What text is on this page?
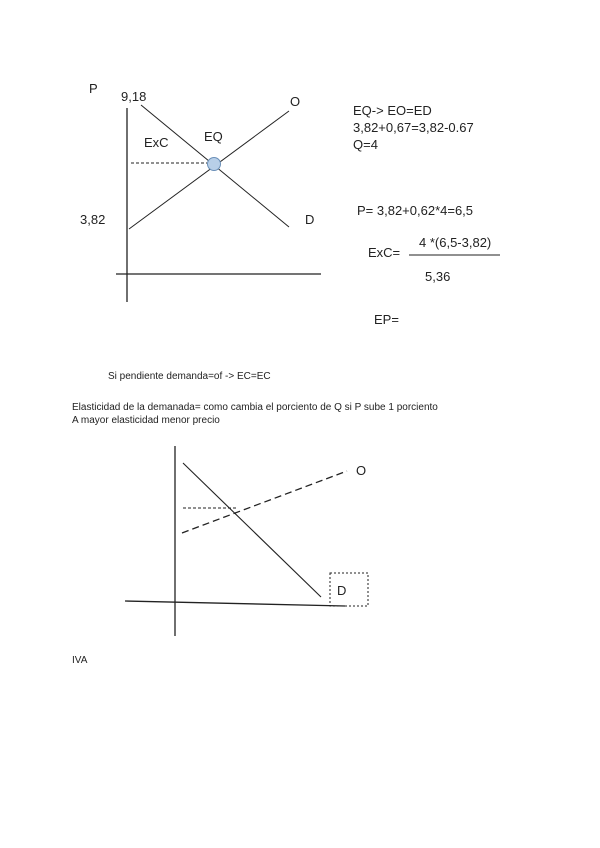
P
9,18
3,82
O
D
ExC	EQ
EQ-> EO=ED
3,82+0,67=3,82-0.67
Q=4
P= 3,82+0,62*4=6,5
ExC=
4 *(6,5-3,82)
5,36
EP=
Si pendiente demanda=of -> EC=EC
Elasticidad de la demanada= como cambia el porciento de Q si P sube 1 porciento
A mayor elasticidad menor precio
O
D
IVA
